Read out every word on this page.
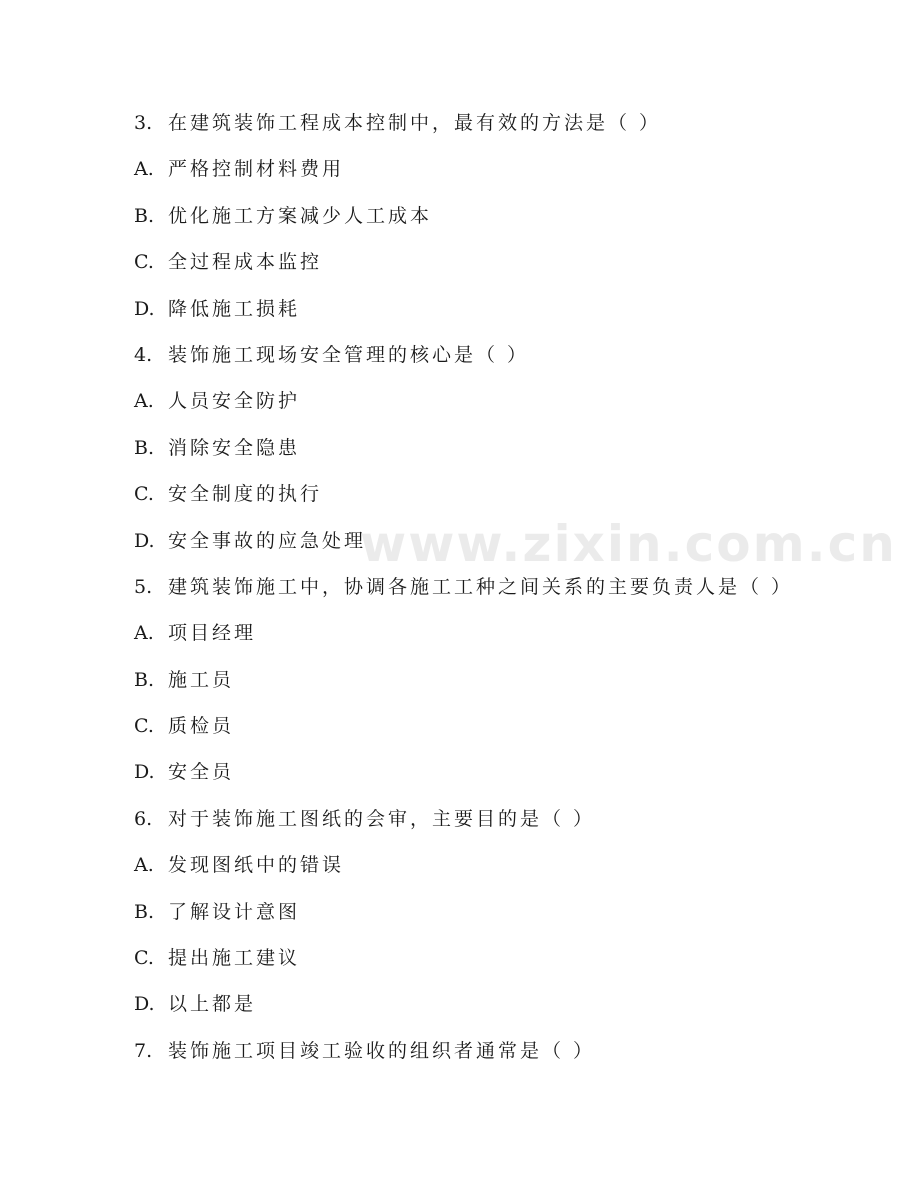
www.zixin.com.cn
3. 在建筑装饰工程成本控制中，最有效的方法是（ ）
A. 严格控制材料费用
B. 优化施工方案减少人工成本
C. 全过程成本监控
D. 降低施工损耗
4. 装饰施工现场安全管理的核心是（ ）
A. 人员安全防护
B. 消除安全隐患
C. 安全制度的执行
D. 安全事故的应急处理
5. 建筑装饰施工中，协调各施工工种之间关系的主要负责人是（ ）
A. 项目经理
B. 施工员
C. 质检员
D. 安全员
6. 对于装饰施工图纸的会审，主要目的是（ ）
A. 发现图纸中的错误
B. 了解设计意图
C. 提出施工建议
D. 以上都是
7. 装饰施工项目竣工验收的组织者通常是（ ）
